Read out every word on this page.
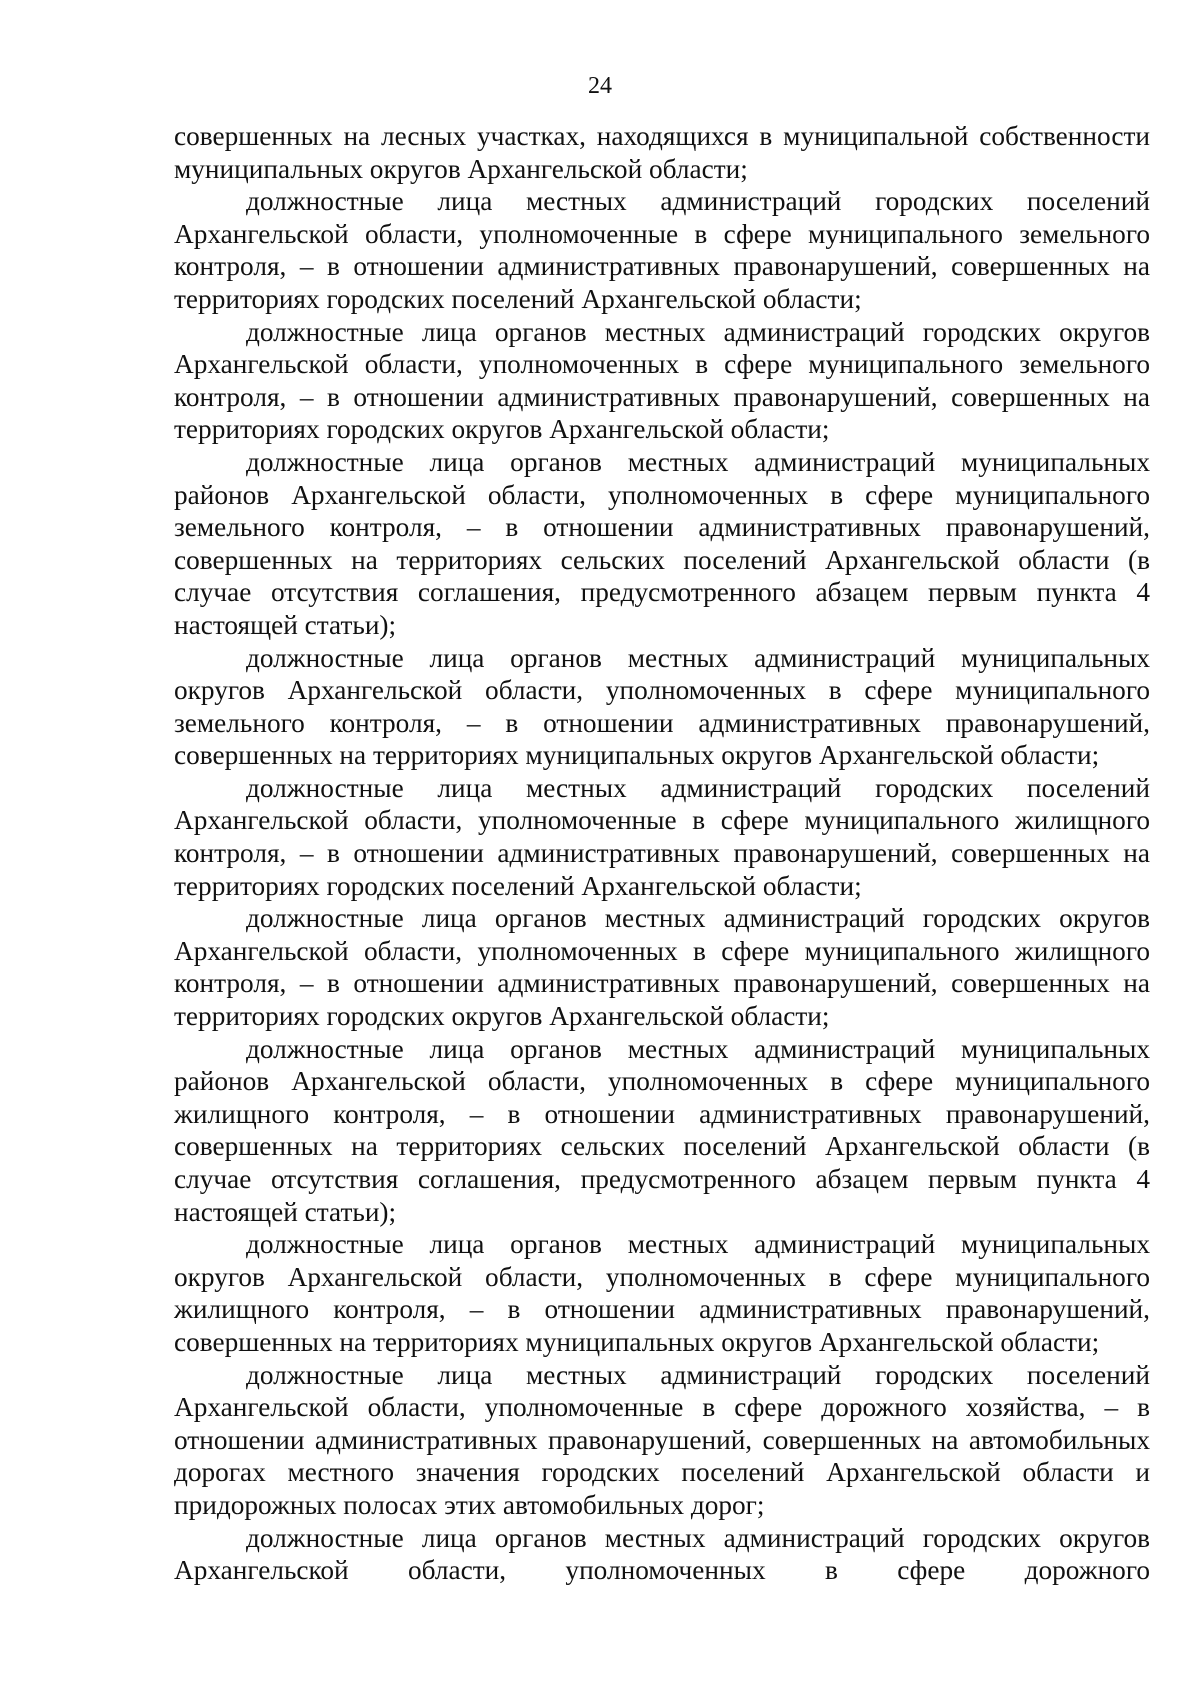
24

совершенных на лесных участках, находящихся в муниципальной собственности муниципальных округов Архангельской области;

должностные лица местных администраций городских поселений Архангельской области, уполномоченные в сфере муниципального земельного контроля, – в отношении административных правонарушений, совершенных на территориях городских поселений Архангельской области;

должностные лица органов местных администраций городских округов Архангельской области, уполномоченных в сфере муниципального земельного контроля, – в отношении административных правонарушений, совершенных на территориях городских округов Архангельской области;

должностные лица органов местных администраций муниципальных районов Архангельской области, уполномоченных в сфере муниципального земельного контроля, – в отношении административных правонарушений, совершенных на территориях сельских поселений Архангельской области (в случае отсутствия соглашения, предусмотренного абзацем первым пункта 4 настоящей статьи);

должностные лица органов местных администраций муниципальных округов Архангельской области, уполномоченных в сфере муниципального земельного контроля, – в отношении административных правонарушений, совершенных на территориях муниципальных округов Архангельской области;

должностные лица местных администраций городских поселений Архангельской области, уполномоченные в сфере муниципального жилищного контроля, – в отношении административных правонарушений, совершенных на территориях городских поселений Архангельской области;

должностные лица органов местных администраций городских округов Архангельской области, уполномоченных в сфере муниципального жилищного контроля, – в отношении административных правонарушений, совершенных на территориях городских округов Архангельской области;

должностные лица органов местных администраций муниципальных районов Архангельской области, уполномоченных в сфере муниципального жилищного контроля, – в отношении административных правонарушений, совершенных на территориях сельских поселений Архангельской области (в случае отсутствия соглашения, предусмотренного абзацем первым пункта 4 настоящей статьи);

должностные лица органов местных администраций муниципальных округов Архангельской области, уполномоченных в сфере муниципального жилищного контроля, – в отношении административных правонарушений, совершенных на территориях муниципальных округов Архангельской области;

должностные лица местных администраций городских поселений Архангельской области, уполномоченные в сфере дорожного хозяйства, – в отношении административных правонарушений, совершенных на автомобильных дорогах местного значения городских поселений Архангельской области и придорожных полосах этих автомобильных дорог;

должностные лица органов местных администраций городских округов Архангельской области, уполномоченных в сфере дорожного
